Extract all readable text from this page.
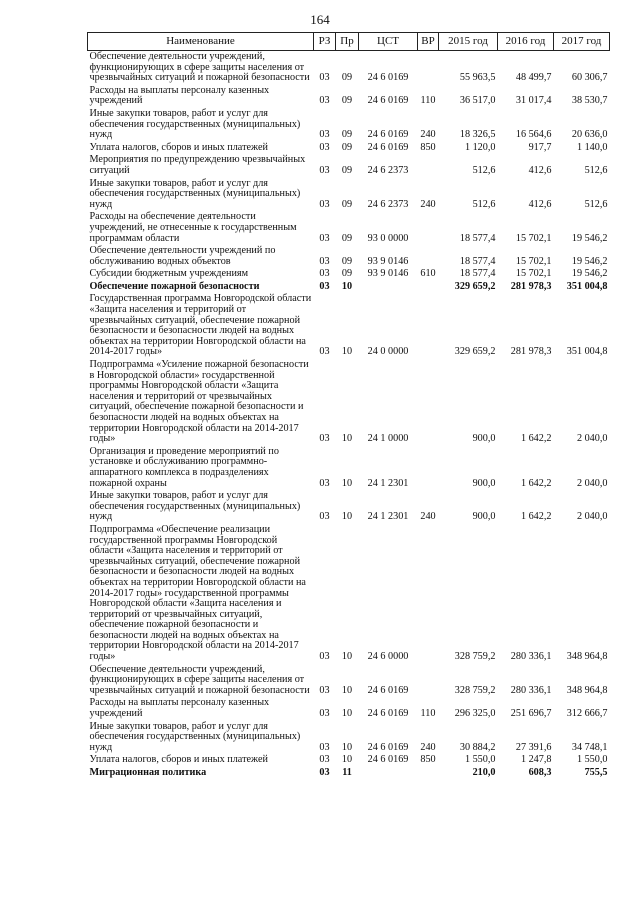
164
Наименование	РЗ	Пр	ЦСТ	ВР	2015 год	2016 год	2017 год
Обеспечение деятельности учреждений, функционирующих в сфере защиты населения от чрезвычайных ситуаций и пожарной безопасности	03	09	24 6 0169		55 963,5	48 499,7	60 306,7
Расходы на выплаты персоналу казенных учреждений	03	09	24 6 0169	110	36 517,0	31 017,4	38 530,7
Иные закупки товаров, работ и услуг для обеспечения государственных (муниципальных) нужд	03	09	24 6 0169	240	18 326,5	16 564,6	20 636,0
Уплата налогов, сборов и иных платежей	03	09	24 6 0169	850	1 120,0	917,7	1 140,0
Мероприятия по предупреждению чрезвычайных ситуаций	03	09	24 6 2373		512,6	412,6	512,6
Иные закупки товаров, работ и услуг для обеспечения государственных (муниципальных) нужд	03	09	24 6 2373	240	512,6	412,6	512,6
Расходы на обеспечение деятельности учреждений, не отнесенные к государственным программам области	03	09	93 0 0000		18 577,4	15 702,1	19 546,2
Обеспечение деятельности учреждений по обслуживанию водных объектов	03	09	93 9 0146		18 577,4	15 702,1	19 546,2
Субсидии бюджетным учреждениям	03	09	93 9 0146	610	18 577,4	15 702,1	19 546,2
Обеспечение пожарной безопасности	03	10			329 659,2	281 978,3	351 004,8
Государственная программа Новгородской области «Защита населения и территорий от чрезвычайных ситуаций, обеспечение пожарной безопасности и безопасности людей на водных объектах на территории Новгородской области на 2014-2017 годы»	03	10	24 0 0000		329 659,2	281 978,3	351 004,8
Подпрограмма «Усиление пожарной безопасности в Новгородской области» государственной программы Новгородской области «Защита населения и территорий от чрезвычайных ситуаций, обеспечение пожарной безопасности и безопасности людей на водных объектах на территории Новгородской области на 2014-2017 годы»	03	10	24 1 0000		900,0	1 642,2	2 040,0
Организация и проведение мероприятий по установке и обслуживанию программно-аппаратного комплекса в подразделениях пожарной охраны	03	10	24 1 2301		900,0	1 642,2	2 040,0
Иные закупки товаров, работ и услуг для обеспечения государственных (муниципальных) нужд	03	10	24 1 2301	240	900,0	1 642,2	2 040,0
Подпрограмма «Обеспечение реализации государственной программы Новгородской области «Защита населения и территорий от чрезвычайных ситуаций, обеспечение пожарной безопасности и безопасности людей на водных объектах на территории Новгородской области на 2014-2017 годы» государственной программы Новгородской области «Защита населения и территорий от чрезвычайных ситуаций, обеспечение пожарной безопасности и безопасности людей на водных объектах на территории Новгородской области на 2014-2017 годы»	03	10	24 6 0000		328 759,2	280 336,1	348 964,8
Обеспечение деятельности учреждений, функционирующих в сфере защиты населения от чрезвычайных ситуаций и пожарной безопасности	03	10	24 6 0169		328 759,2	280 336,1	348 964,8
Расходы на выплаты персоналу казенных учреждений	03	10	24 6 0169	110	296 325,0	251 696,7	312 666,7
Иные закупки товаров, работ и услуг для обеспечения государственных (муниципальных) нужд	03	10	24 6 0169	240	30 884,2	27 391,6	34 748,1
Уплата налогов, сборов и иных платежей	03	10	24 6 0169	850	1 550,0	1 247,8	1 550,0
Миграционная политика	03	11			210,0	608,3	755,5
